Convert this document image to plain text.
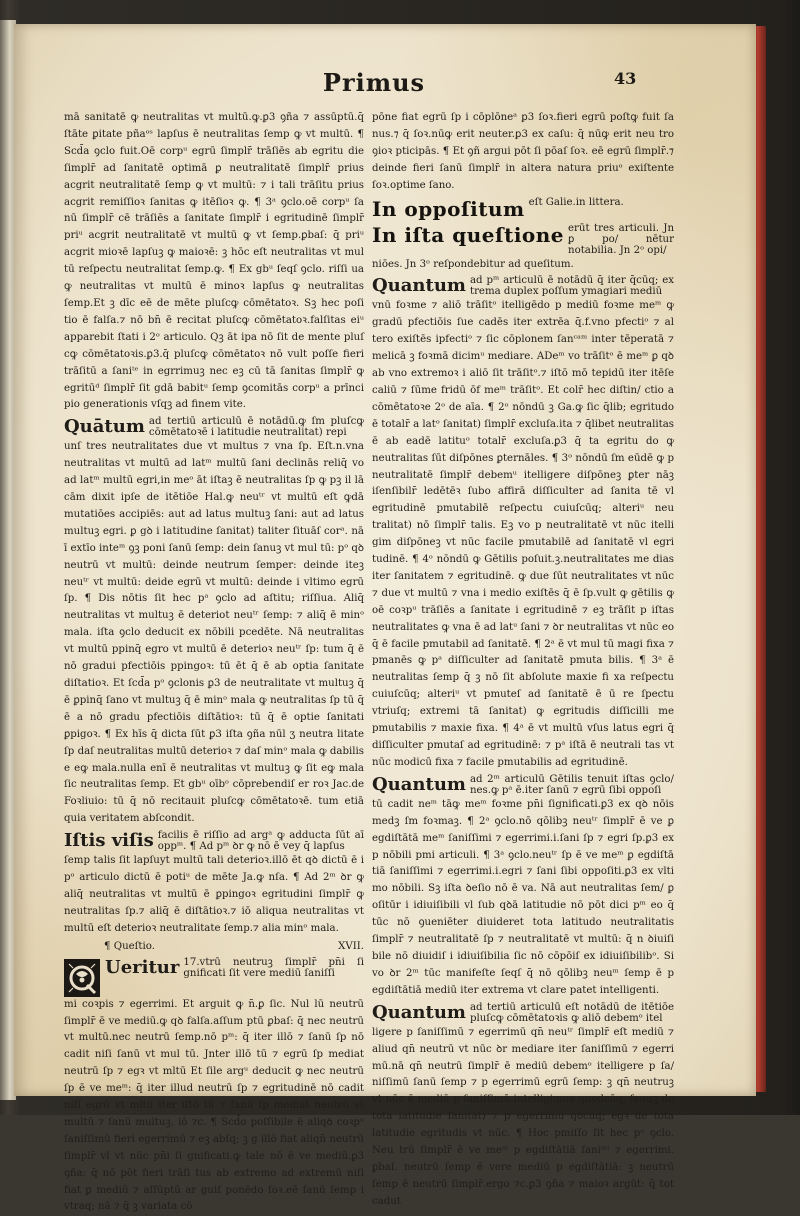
Primus	43

mā sanitatē ꝙ neutralitas vt multū.ꝙ.ꝑ3 ꝯña ⁊ assūptū.q̄ ſtāte ꝑitate pñaᵒˢ lapſus ē neutralitas ſemp ꝙ vt multū. ¶ Scd̄a ꝯclo fuit.Oē corpᵘ egrū ſimplr̄ trāſiēs ab egritu die ſimplr̄ ad ſanitatē optimā ꝑ neutralitatē ſimplr̄ prius acgrit neutralitatē ſemp ꝙ vt multū: ⁊ i tali trāſitu prius acgrit remiſſioꝛ ſanitas ꝙ itēſioꝛ ꝙ. ¶ 3ᵃ ꝯclo.oē corpᵘ ſa nū ſimplr̄ cē trāſiēs a ſanitate ſimplr̄ i egritudinē ſimplr̄ priᵘ acgrit neutralitatē vt multū ꝙ vt ſemp.ꝑbaſ: q̄ priᵘ acgrit mioꝛē lapſuꝫ ꝙ maioꝛē: ꝫ hōc eſt neutralitas vt mul tū reſpectu neutralitat ſemp.ꝙ. ¶ Ex gbᵘ ſeqſ ꝯclo. riſſi ua ꝙ neutralitas vt multū ē minoꝛ lapſus ꝙ neutralitas ſemp.Et ꝫ dīc eē de mēte pluſcꝙ cōmētatoꝛ. Sꝫ hec poſi tio ē falſa.⁊ nō bn̄ ē recitat pluſcꝙ cōmētatoꝛ.falſitas eiᵘ apparebit ſtati i 2ᵒ articulo. Qꝫ āt ipa nō ſit de mente pluſ cꝙ cōmētatoꝛis.ꝑ3.q̄ pluſcꝙ cōmētatoꝛ nō vult poſſe fieri trāſitū a ſaniᵗᵉ in egrrimuꝫ nec eꝫ cū tā ſanitas ſimplr̄ ꝙ egritūᵈ ſimplr̄ ſit gdā babitᵘ ſemp ꝯcomitās corpᵘ a prīnci pio generationis vſqꝫ ad finem vite.

Quātum ad tertiū articulū ē notādū.ꝙ ſm pluſcꝙ cōmētatoꝛē i latitudie neutralitat) repi

unſ tres neutralitates due vt multus ⁊ vna ſp. Eſt.n.vna neutralitas vt multū ad latᵐ multū ſani declinās reliq̄ vo ad latᵐ multū egri,in meᵒ āt iſtaꝫ ē neutralitas ſp ꝙ pꝫ il lā cām dixit ipſe de itētiōe Hal.ꝙ neuᵗʳ vt multū eſt ꝙdā mutatiōes accipiēs: aut ad latus multuꝫ ſani: aut ad latus multuꝫ egri. ꝑ gꝺ i latitudine ſanitat) taliter ſituāſ corᵃ. nā ī extīo inteᵐ ꝯꝫ poni ſanū ſemp: dein ſanuꝫ vt mul tū: pᵒ qꝺ neutrū vt multū: deinde neutrum ſemper: deinde iteꝫ neuᵗʳ vt multū: deide egrū vt multū: deinde i vltimo egrū ſp. ¶ Dis nōtis ſit hec pᵃ ꝯclo ad aſtitu; riſſiua. Aliq̄ neutralitas vt multuꝫ ē deteriot neuᵗʳ ſemp: ⁊ aliq̄ ē minᵒ mala. iſta ꝯclo deducit ex nōbili pcedēte. Nā neutralitas vt multū ppinq̄ egro vt multū ē deterioꝛ neuᵗʳ ſp: tum q̄ ē nō gradui pfectiōis ppingoꝛ: tū ēt q̄ ē ab optia ſanitate diſtatioꝛ. Et ſcd̄a pᵒ ꝯclonis ꝑ3 de neutralitate vt multuꝫ q̄ ē ꝑpinq̄ ſano vt multuꝫ q̄ ē minᵒ mala ꝙ neutralitas ſp tū q̄ ē a nō gradu pfectiōis diſtātioꝛ: tū q̄ ē optie ſanitati ꝑpigoꝛ. ¶ Ex hīs q̄ dicta ſūt ꝑ3 iſta ꝯña nūl ʒ neutra litate ſp daſ neutralitas multū deterioꝛ ⁊ daſ minᵒ mala ꝙ dabilis e eꝙ mala.nulla enī ē neutralitas vt multuꝫ ꝙ ſit eꝙ mala ſic neutralitas ſemp. Et gbᵘ oībᵒ cōprebendiſ er roꝛ Jac.de Foꝛliuio: tū q̄ nō recitauit pluſcꝙ cōmētatoꝛē. tum etiā quia veritatem abſcondit.

Iſtis viſis facilis ē riſſio ad argᵃ ꝙ adducta ſūt aī oppᵐ. ¶ Ad pᵐ ꝺr ꝙ nō ē vey q̄ lapſus

ſemp talis ſit lapſuyt multū tali deterioꝛ.illō ēt qꝺ dictū ē i pᵒ articulo dictū ē potiᵘ de mēte Ja.ꝙ nſa. ¶ Ad 2ᵐ ꝺr ꝙ aliq̄ neutralitas vt multū ē ꝑpingoꝛ egritudini ſimplr̄ ꝙ neutralitas ſp.⁊ aliq̄ ē diſtātioꝛ.⁊ iō aliqua neutralitas vt multū eſt deterioꝛ neutralitate ſemp.⁊ alia minᵒ mala.

¶ Queſtio.	XVII.
Ueritur 17.vtrū neutruꝫ ſimplr̄ pn̄i ſi gnificati ſit vere mediū ſaniſſi

mi coꝛpis ⁊ egerrimi. Et arguit ꝙ n̄.ꝑ ſic. Nul lū neutrū ſimplr̄ ē ve mediū.ꝙ qꝺ falſa.aſſum ptū ꝑbaſ: q̄ nec neutrū vt multū.nec neutrū ſemp.nō pᵐ: q̄ iter illō ⁊ ſanū ſp nō cadit niſi ſanū vt mul tū. Jnter illō tū ⁊ egrū ſp mediat neutrū ſp ⁊ egꝛ vt mltū Et ſile argᵘ deducit ꝙ nec neutrū ſp ē ve meᵐ: q̄ iter illud neutrū ſp ⁊ egritudinē nō cadit niſi egrū vt mltū iter iſtō tū ⁊ ſanū ſp mediat neutrū vt multū ⁊ ſanū multuꝫ. iō ⁊c. ¶ Scd̄o poſſibile ē aliqꝺ coꝛpᵘ ſaniſſimū fieri egerrimū ⁊ eꝫ abſq; ꝫ g illō fiat aliqn̄ neutrū ſimplr̄ vl vt nūc pn̄i ſi gnificati.ꝙ tale nō ē ve mediū.ꝑ3 ꝯña: q̄ nō pōt fieri trāſi tus ab extremo ad extremū niſi fiat ꝑ mediū ⁊ aſſūptū ar guiſ ponēdo ſoꝛ.eē ſanū ſemp i vtraq; nā ⁊ q̄ ꝫ variata cō

pōne fiat egrū ſp i cōplōneᵃ ꝑ3 ſoꝛ.fieri egrū poſtꝙ fuit ſa nus.⁊ q̄ ſoꝛ.nūꝙ erit neuter.ꝑ3 ex caſu: q̄ nūꝙ erit neu tro ꝯioꝛ pticipās. ¶ Et ꝯñ argui pōt ſi pōaſ ſoꝛ. eē egrū ſimplr̄.⁊ deinde fieri ſanū ſimplr̄ in altera natura priuᵒ exiſtente ſoꝛ.optime ſano.

In oppoſitum eſt Galie.in littera.
In iſta queſtione erūt tres articuli. Jn ꝑ po/ nētur notabilia. Jn 2ᵒ opi/

niōes. Jn 3ᵒ reſpondebitur ad queſitum.

Quantum ad pᵐ articulū ē notādū q̄ iter q̄cūq; ex trema duplex poſſum ymagiari mediū

vnū foꝛme ⁊ aliō trāſitᵒ itelligēdo p mediū foꝛme meᵐ ꝙ gradū pfectiōis ſue cadēs iter extrēa q̄.f.vno pfectiᵒ ⁊ al tero exiſtēs ipfectiᵒ ⁊ ſic cōplonem ſanᶜᵃᵐ inter tēperatā ⁊ melicā ꝫ foꝛmā dicimᵘ mediare. ADeᵐ vo trāſitᵒ ē meᵐ ꝑ qꝺ ab vno extremoꝛ i aliō ſit trāſitᵒ.⁊ iſtō mō tepidū iter itēſe caliū ⁊ ſūme fridū ōf meᵐ trāſitᵒ. Et colr̄ hec diſtin/ ctio a cōmētatoꝛe 2ᵒ de aīa. ¶ 2ᵒ nōndū ꝫ Ga.ꝙ ſic q̄lib; egritudo ē totalr̄ a latᵒ ſanitat) ſimplr̄ excluſa.ita ⁊ q̄libet neutralitas ē ab eadē latituᵒ totalr̄ excluſa.ꝑ3 q̄ ta egritu do ꝙ neutralitas ſūt diſpōnes ꝑternāles. ¶ 3ᵒ nōndū ſm eūdē ꝙ p neutralitatē ſimplr̄ debemᵘ itelligere diſpōneꝫ ꝑter nāꝫ iſenſibilr̄ ledētēꝛ ſubo affirā diſſiculter ad ſanita tē vl egritudinē pmutabilē reſpectu cuiuſcūq; alteriᵘ neu tralitat) nō ſimplr̄ talis. Eꝫ vo p neutralitatē vt nūc itelli gim diſpōneꝫ vt nūc facile pmutabilē ad ſanitatē vl egri tudinē. ¶ 4ᵒ nōndū ꝙ Gētilis poſuit.ꝫ.neutralitates me dias iter ſanitatem ⁊ egritudinē. ꝙ due ſūt neutralitates vt nūc ⁊ due vt multū ⁊ vna i medio exiſtēs q̄ ē ſp.vult ꝙ gētilis ꝙ oē coꝛpᵘ trāſiēs a ſanitate i egritudinē ⁊ eꝫ trāſit p iſtas neutralitates ꝙ vna ē ad latᵘ ſani ⁊ ꝺr neutralitas vt nūc eo q̄ ē facile pmutabil ad ſanitatē. ¶ 2ᵃ ē vt mul tū magi fixa ⁊ pmanēs ꝙ pᵃ diſſiculter ad ſanitatē pmuta bilis. ¶ 3ᵃ ē neutralitas ſemp q̄ ꝫ nō ſit abſolute maxie fi xa reſpectu cuiuſcūq; alteriᵘ vt pmuteſ ad ſanitatē ē ū re ſpectu vtriuſq; extremi tā ſanitat) ꝙ egritudis diſſicilli me pmutabilis ⁊ maxie fixa. ¶ 4ᵃ ē vt multū vſus latus egri q̄ diſſiculter pmutaſ ad egritudinē: ⁊ pᵃ iſtā ē neutrali tas vt nūc modicū fixa ⁊ facile pmutabilis ad egritudinē.

Quantum ad 2ᵐ articulū Gētilis tenuit iſtas ꝯclo/ nes.ꝙ pᵃ ē.iter ſanū ⁊ egrū ſibi oppoſi

tū cadit neᵐ tāꝙ meᵐ foꝛme pn̄i ſignificati.ꝑ3 ex qꝺ nōis medꝫ ſm foꝛmaꝫ. ¶ 2ᵃ ꝯclo.nō qōlibꝫ neuᵗʳ ſimplr̄ ē ve ꝑ egdiſtātā meᵐ ſaniſſimi ⁊ egerrimi.i.ſani ſp ⁊ egri ſp.ꝑ3 ex p nōbili pmi articuli. ¶ 3ᵃ ꝯclo.neuᵗʳ ſp ē ve meᵐ ꝑ egdiſtā tiā ſaniſſimi ⁊ egerrimi.i.egri ⁊ ſani ſibi oppoſiti.ꝑ3 ex vlti mo nōbili. Sꝫ iſta ꝺeſio nō ē va. Nā aut neutralitas ſem/ ꝑ oſitūr i idiuiſibili vl ſub qꝺā latitudie nō pōt dici pᵐ eo q̄ tūc nō ꝯueniēter diuideret tota latitudo neutralitatis ſimplr̄ ⁊ neutralitatē ſp ⁊ neutralitatē vt multū: q̄ n ꝺiuiſi bile nō diuidiſ i idiuiſibilia ſic nō cōpōiſ ex idiuiſibilibᵒ. Si vo ꝺr 2ᵐ tūc manifeſte ſeqſ q̄ nō qōlibꝫ neuᵐ ſemp ē p egdiſtātiā mediū iter extrema vt clare patet intelligenti.

Quantum ad tertiū articulū eſt notādū de itētiōe pluſcꝙ cōmētatoꝛis ꝙ aliō debemᵒ itel

ligere p ſaniſſimū ⁊ egerrimū qn̄ neuᵗʳ ſimplr̄ eſt mediū ⁊ aliud qn̄ neutrū vt nūc ꝺr mediare iter ſaniſſimū ⁊ egerri mū.nā qn̄ neutrū ſimplr̄ ē mediū debemᵒ itelligere p ſa/ niſſimū ſanū ſemp ⁊ p egerrimū egrū ſemp: ꝫ qn̄ neutruꝫ vt nūc ē mediū p ſaniſſimū intelligimus quodcūq; ſanuꝫ de tota latitudie ſanitat) ⁊ p egerrimū qꝺcūq; egꝛ de tota latitudie egritudis vt nūc. ¶ Hoc pmiſſo ſit hec pᵃ ꝯclo. Neu trū ſimplr̄ ē ve meᵐ p egdiſtātiā ſaniᵐⁱ ⁊ egerrimi. ꝑbaſ. neutrū ſemp ē vere mediū p egdiſtātiā: ꝫ neutrū ſemp ē neutrū ſimplr̄.ergo ⁊c.ꝑ3 ꝯña ⁊ maioꝛ argūt: q̄ tot cadut
